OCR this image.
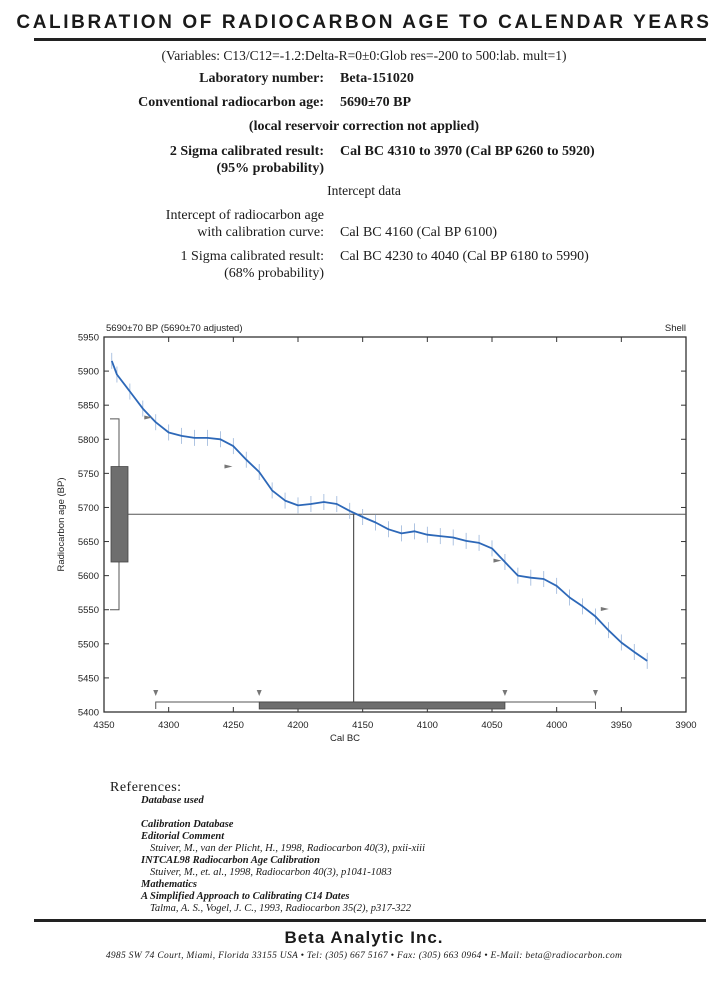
CALIBRATION OF RADIOCARBON AGE TO CALENDAR YEARS
(Variables: C13/C12=-1.2:Delta-R=0±0:Glob res=-200 to 500:lab. mult=1)
Laboratory number: Beta-151020
Conventional radiocarbon age: 5690±70 BP
(local reservoir correction not applied)
2 Sigma calibrated result:
(95% probability)
Cal BC 4310 to 3970 (Cal BP 6260 to 5920)
Intercept data
Intercept of radiocarbon age
with calibration curve: Cal BC 4160 (Cal BP 6100)
1 Sigma calibrated result:
(68% probability)
Cal BC 4230 to 4040 (Cal BP 6180 to 5990)
5690±70 BP (5690±70 adjusted)	Shell
5950
5900
5850
5800
5750
5700
5650
5600
5550
5500
5450
5400
4350	4300	4250	4200	4150	4100	4050	4000	3950	3900
Cal BC
Radiocarbon age (BP)
References:
Database used
Calibration Database
Editorial Comment
Stuiver, M., van der Plicht, H., 1998, Radiocarbon 40(3), pxii-xiii
INTCAL98 Radiocarbon Age Calibration
Stuiver, M., et. al., 1998, Radiocarbon 40(3), p1041-1083
Mathematics
A Simplified Approach to Calibrating C14 Dates
Talma, A. S., Vogel, J. C., 1993, Radiocarbon 35(2), p317-322
Beta Analytic Inc.
4985 SW 74 Court, Miami, Florida 33155 USA • Tel: (305) 667 5167 • Fax: (305) 663 0964 • E-Mail: beta@radiocarbon.com
